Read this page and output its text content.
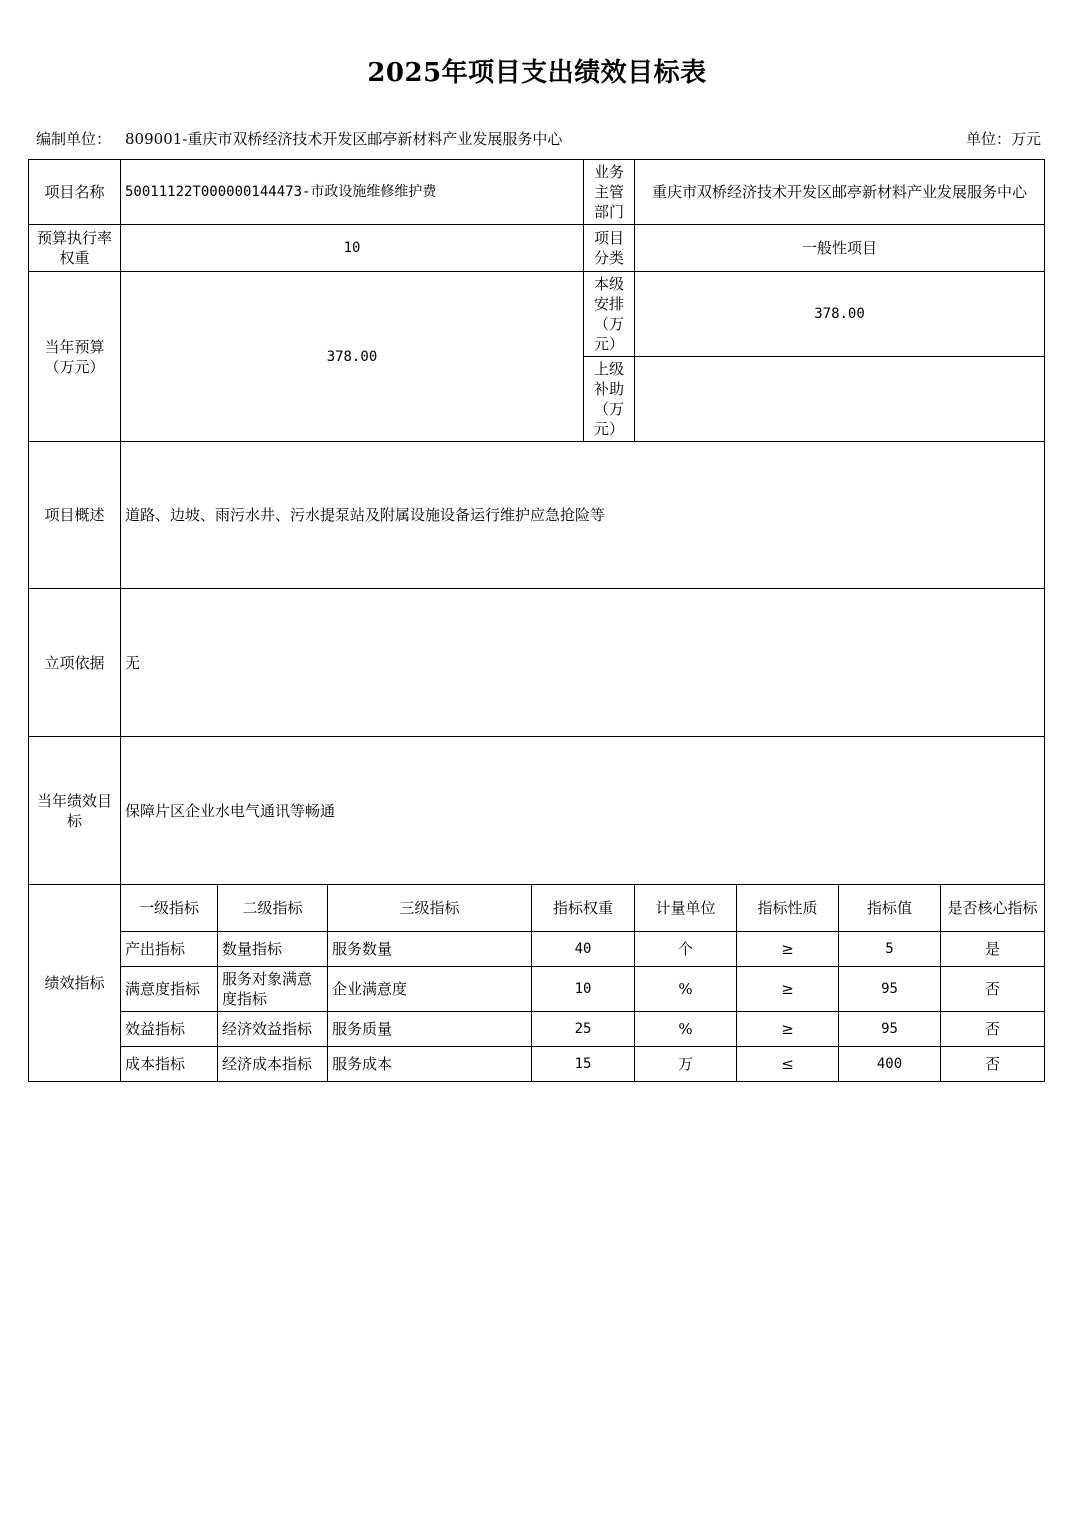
2025年项目支出绩效目标表
编制单位： 809001-重庆市双桥经济技术开发区邮亭新材料产业发展服务中心	单位：万元
项目名称	50011122T000000144473-市政设施维修维护费				业务主管部门	重庆市双桥经济技术开发区邮亭新材料产业发展服务中心			
预算执行率权重	10				项目分类	一般性项目			
当年预算（万元）	378.00				本级安排（万元）	378.00			
					上级补助（万元）				
项目概述	道路、边坡、雨污水井、污水提泵站及附属设施设备运行维护应急抢险等								
立项依据	无								
当年绩效目标	保障片区企业水电气通讯等畅通								
绩效指标	一级指标	二级指标	三级指标	指标权重		计量单位	指标性质	指标值	是否核心指标
	产出指标	数量指标	服务数量	40		个	≥	5	是
	满意度指标	服务对象满意度指标	企业满意度	10		%	≥	95	否
	效益指标	经济效益指标	服务质量	25		%	≥	95	否
	成本指标	经济成本指标	服务成本	15		万	≤	400	否
